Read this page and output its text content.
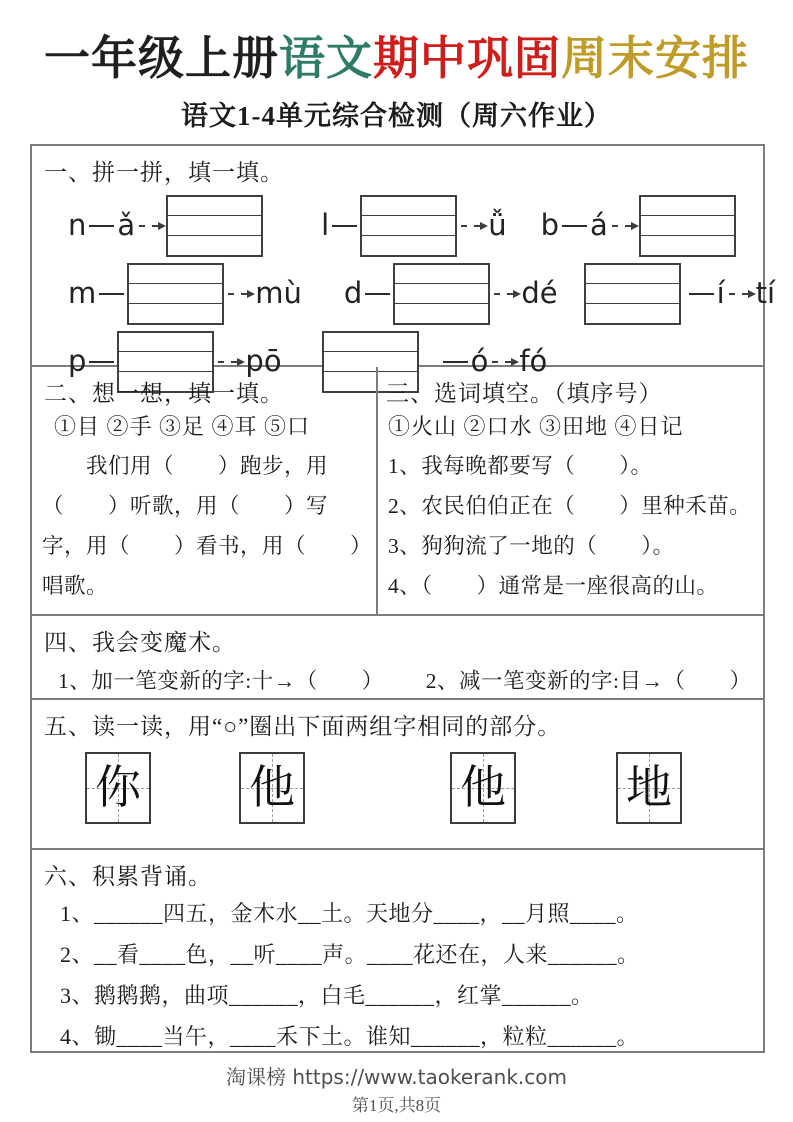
一年级上册语文期中巩固周末安排
语文1-4单元综合检测（周六作业）
一、拼一拼，填一填。
n ǎ	l	ǚ b á
m	mù d	dé	í tí
p	pō	ó fó
二、想一想，填一填。
①目 ②手 ③足 ④耳 ⑤口
　　我们用（　　）跑步，用
（　　）听歌，用（　　）写
字，用（　　）看书，用（　　）
唱歌。
三、选词填空。（填序号）
①火山 ②口水 ③田地 ④日记
1、我每晚都要写（　　）。
2、农民伯伯正在（　　）里种禾苗。
3、狗狗流了一地的（　　）。
4、（　　）通常是一座很高的山。
四、我会变魔术。
1、加一笔变新的字:十→（　　） 2、减一笔变新的字:目→（　　）
五、读一读，用“○”圈出下面两组字相同的部分。
你 他	他	地
六、积累背诵。
1、______四五，金木水__土。天地分____，__月照____。
2、__看____色，__听____声。____花还在，人来______。
3、鹅鹅鹅，曲项______，白毛______，红掌______。
4、锄____当午，____禾下土。谁知______，粒粒______。
淘课榜 https://www.taokerank.com
第1页,共8页
